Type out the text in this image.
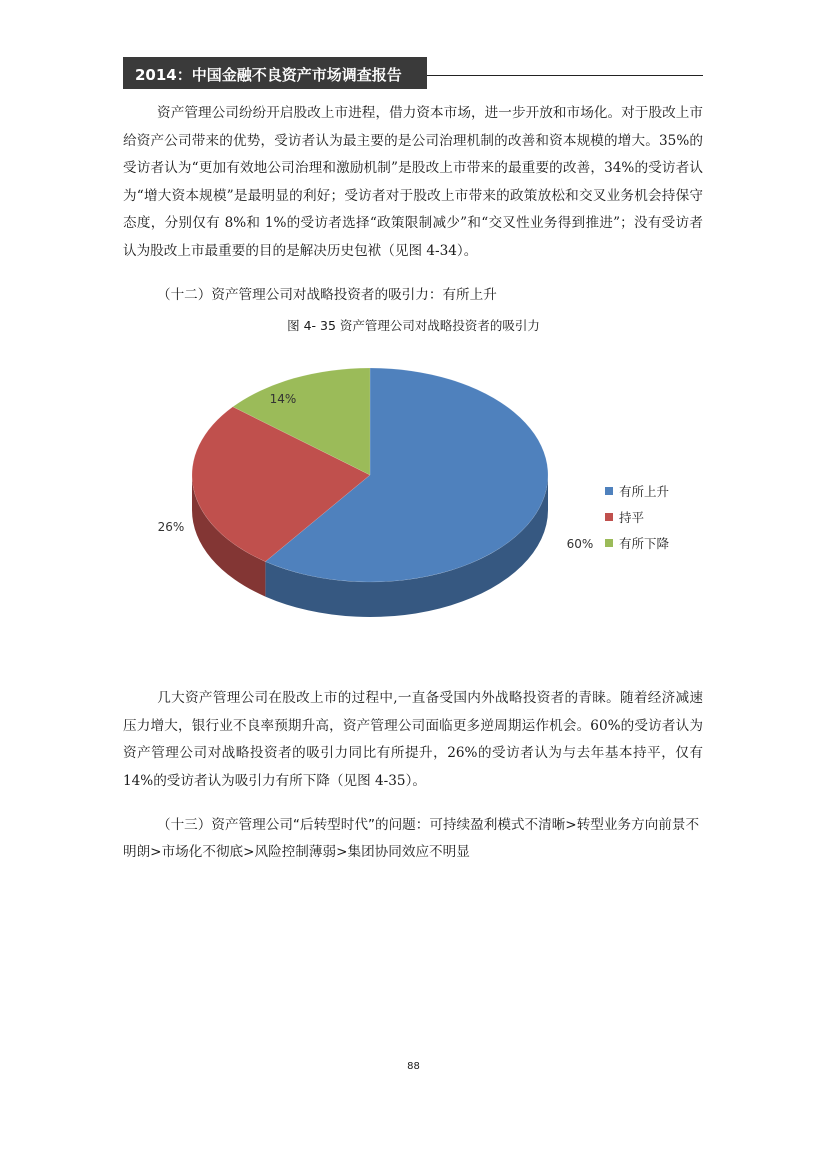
2014：中国金融不良资产市场调查报告

资产管理公司纷纷开启股改上市进程，借力资本市场，进一步开放和市场化。对于股改上市给资产公司带来的优势，受访者认为最主要的是公司治理机制的改善和资本规模的增大。35%的受访者认为“更加有效地公司治理和激励机制”是股改上市带来的最重要的改善，34%的受访者认为“增大资本规模”是最明显的利好；受访者对于股改上市带来的政策放松和交叉业务机会持保守态度，分别仅有 8%和 1%的受访者选择“政策限制减少”和“交叉性业务得到推进”；没有受访者认为股改上市最重要的目的是解决历史包袱（见图 4-34）。

（十二）资产管理公司对战略投资者的吸引力：有所上升

图 4- 35 资产管理公司对战略投资者的吸引力
60%
26%
14%
有所上升
持平
有所下降

几大资产管理公司在股改上市的过程中,一直备受国内外战略投资者的青睐。随着经济减速压力增大，银行业不良率预期升高，资产管理公司面临更多逆周期运作机会。60%的受访者认为资产管理公司对战略投资者的吸引力同比有所提升，26%的受访者认为与去年基本持平，仅有 14%的受访者认为吸引力有所下降（见图 4-35）。

（十三）资产管理公司“后转型时代”的问题：可持续盈利模式不清晰>转型业务方向前景不明朗>市场化不彻底>风险控制薄弱>集团协同效应不明显

88
